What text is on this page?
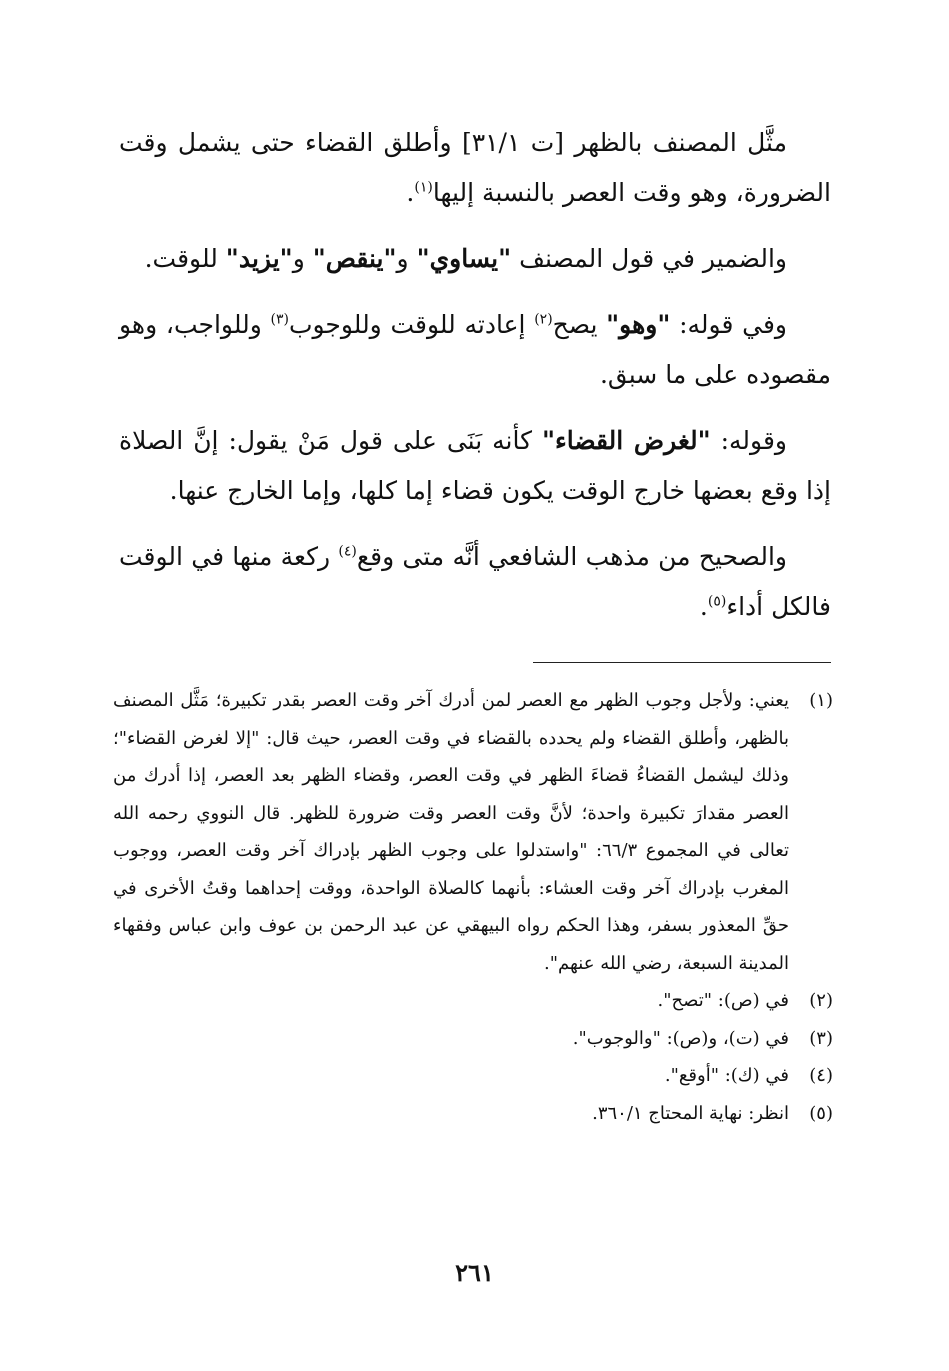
مثَّل المصنف بالظهر [ت ٣١/١] وأطلق القضاء حتى يشمل وقت الضرورة، وهو وقت العصر بالنسبة إليها$^{(١)}$.

والضمير في قول المصنف "يساوي" و"ينقص" و"يزيد" للوقت.

وفي قوله: "وهو" يصح$^{(٢)}$ إعادته للوقت وللوجوب$^{(٣)}$ وللواجب، وهو مقصوده على ما سبق.

وقوله: "لغرض القضاء" كأنه بَنَى على قول مَنْ يقول: إنَّ الصلاة إذا وقع بعضها خارج الوقت يكون قضاء إما كلها، وإما الخارج عنها.

والصحيح من مذهب الشافعي أنَّه متى وقع$^{(٤)}$ ركعة منها في الوقت فالكل أداء$^{(٥)}$.

(١)
يعني: ولأجل وجوب الظهر مع العصر لمن أدرك آخر وقت العصر بقدر تكبيرة؛ مَثَّل المصنف بالظهر، وأطلق القضاء ولم يحدده بالقضاء في وقت العصر، حيث قال: "إلا لغرض القضاء"؛ وذلك ليشمل القضاءُ قضاءَ الظهر في وقت العصر، وقضاء الظهر بعد العصر، إذا أدرك من العصر مقدارَ تكبيرة واحدة؛ لأنَّ وقت العصر وقت ضرورة للظهر. قال النووي رحمه الله تعالى في المجموع ٦٦/٣: "واستدلوا على وجوب الظهر بإدراك آخر وقت العصر، ووجوب المغرب بإدراك آخر وقت العشاء: بأنهما كالصلاة الواحدة، ووقت إحداهما وقتُ الأخرى في حقِّ المعذور بسفر، وهذا الحكم رواه البيهقي عن عبد الرحمن بن عوف وابن عباس وفقهاء المدينة السبعة، رضي الله عنهم".
(٢)
في (ص): "تصح".
(٣)
في (ت)، و(ص): "والوجوب".
(٤)
في (ك): "أوقع".
(٥)
انظر: نهاية المحتاج ٣٦٠/١.
٢٦١
